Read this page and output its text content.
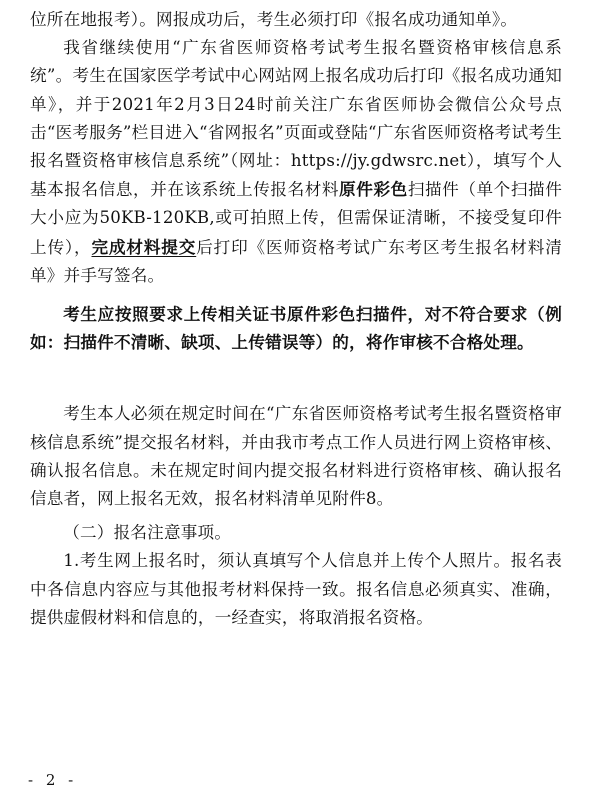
位所在地报考）。网报成功后，考生必须打印《报名成功通知单》。

我省继续使用“广东省医师资格考试考生报名暨资格审核信息系统”。考生在国家医学考试中心网站网上报名成功后打印《报名成功通知单》，并于2021年2月3日24时前关注广东省医师协会微信公众号点击“医考服务”栏目进入“省网报名”页面或登陆“广东省医师资格考试考生报名暨资格审核信息系统”（网址：https://jy.gdwsrc.net），填写个人基本报名信息，并在该系统上传报名材料原件彩色扫描件（单个扫描件大小应为50KB-120KB,或可拍照上传，但需保证清晰，不接受复印件上传），完成材料提交后打印《医师资格考试广东考区考生报名材料清单》并手写签名。

考生应按照要求上传相关证书原件彩色扫描件，对不符合要求（例如：扫描件不清晰、缺项、上传错误等）的，将作审核不合格处理。

考生本人必须在规定时间在“广东省医师资格考试考生报名暨资格审核信息系统”提交报名材料，并由我市考点工作人员进行网上资格审核、确认报名信息。未在规定时间内提交报名材料进行资格审核、确认报名信息者，网上报名无效，报名材料清单见附件8。

（二）报名注意事项。

1.考生网上报名时，须认真填写个人信息并上传个人照片。报名表中各信息内容应与其他报考材料保持一致。报名信息必须真实、准确，提供虚假材料和信息的，一经查实，将取消报名资格。

- 2 -
